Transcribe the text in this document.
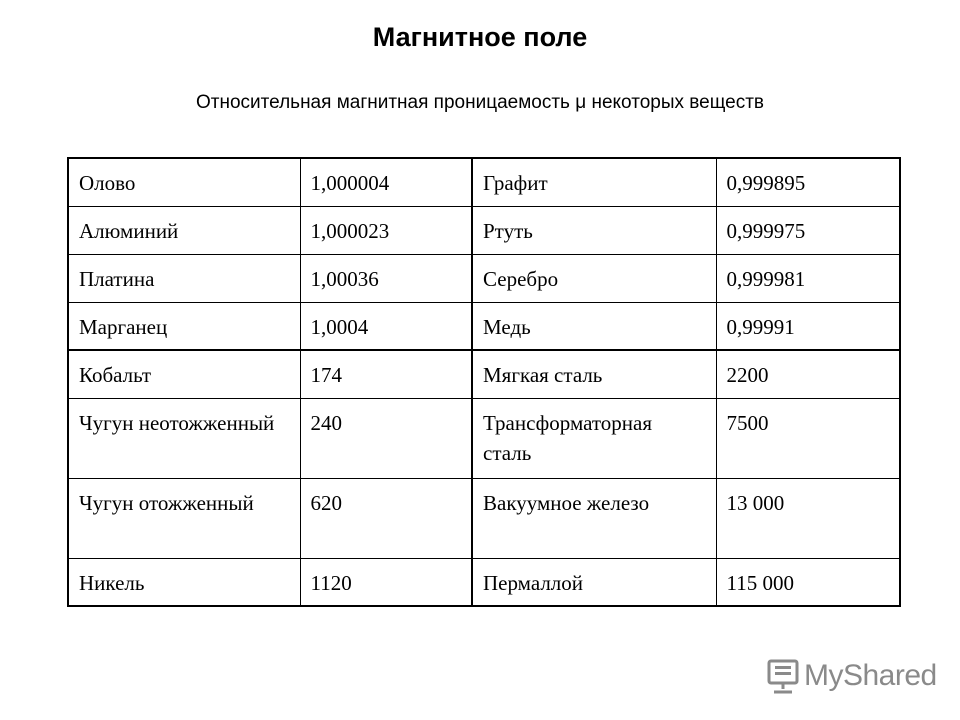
Магнитное поле
Относительная магнитная проницаемость μ некоторых веществ
Олово	1,000004	Графит	0,999895
Алюминий	1,000023	Ртуть	0,999975
Платина	1,00036	Серебро	0,999981
Марганец	1,0004	Медь	0,99991
Кобальт	174	Мягкая сталь	2200
Чугун неотожженный	240	Трансформаторная сталь	7500
Чугун отожженный	620	Вакуумное железо	13 000
Никель	1120	Пермаллой	115 000
MyShared
